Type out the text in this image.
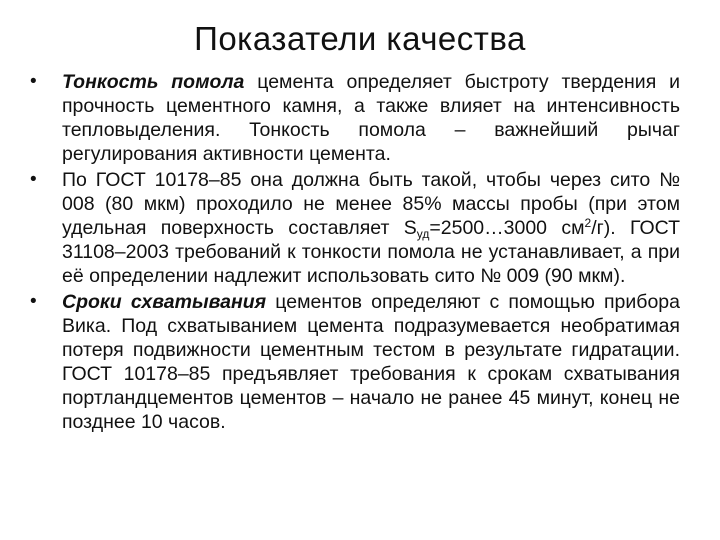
Показатели качества
• Тонкость помола цемента определяет быстроту твердения и прочность цементного камня, а также влияет на интенсивность тепловыделения. Тонкость помола – важнейший рычаг регулирования активности цемента.
• По ГОСТ 10178–85 она должна быть такой, чтобы через сито № 008 (80 мкм) проходило не менее 85% массы пробы (при этом удельная поверхность составляет $S_{уд}=2500\dots 3000$ $см^2/г$). ГОСТ 31108–2003 требований к тонкости помола не устанавливает, а при её определении надлежит использовать сито № 009 (90 мкм).
• Сроки схватывания цементов определяют с помощью прибора Вика. Под схватыванием цемента подразумевается необратимая потеря подвижности цементным тестом в результате гидратации. ГОСТ 10178–85 предъявляет требования к срокам схватывания портландцементов цементов – начало не ранее 45 минут, конец не позднее 10 часов.
